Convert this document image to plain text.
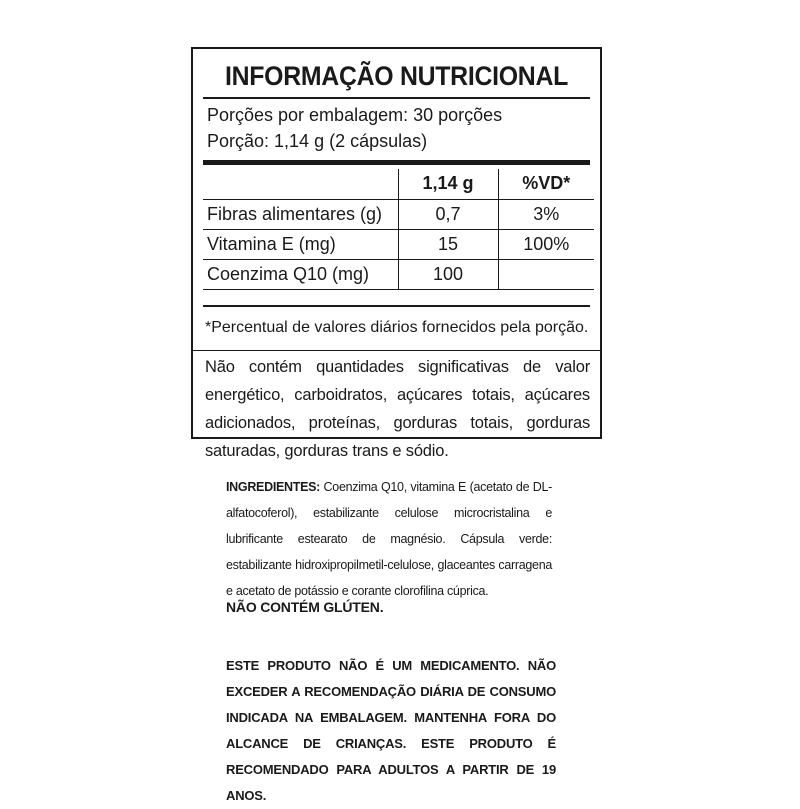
INFORMAÇÃO NUTRICIONAL
Porções por embalagem: 30 porções
Porção: 1,14 g (2 cápsulas)
	1,14 g	%VD*
Fibras alimentares (g)	0,7	3%
Vitamina E (mg)	15	100%
Coenzima Q10 (mg)	100	
*Percentual de valores diários fornecidos pela porção.
Não contém quantidades significativas de valor energético, carboidratos, açúcares totais, açúcares adicionados, proteínas, gorduras totais, gorduras saturadas, gorduras trans e sódio.
INGREDIENTES: Coenzima Q10, vitamina E (acetato de DL-alfatocoferol), estabilizante celulose microcristalina e lubrificante estearato de magnésio. Cápsula verde: estabilizante hidroxipropilmetil-celulose, glaceantes carragena e acetato de potássio e corante clorofilina cúprica.
NÃO CONTÉM GLÚTEN.
ESTE PRODUTO NÃO É UM MEDICAMENTO. NÃO EXCEDER A RECOMENDAÇÃO DIÁRIA DE CONSUMO INDICADA NA EMBALAGEM. MANTENHA FORA DO ALCANCE DE CRIANÇAS. ESTE PRODUTO É RECOMENDADO PARA ADULTOS A PARTIR DE 19 ANOS.
